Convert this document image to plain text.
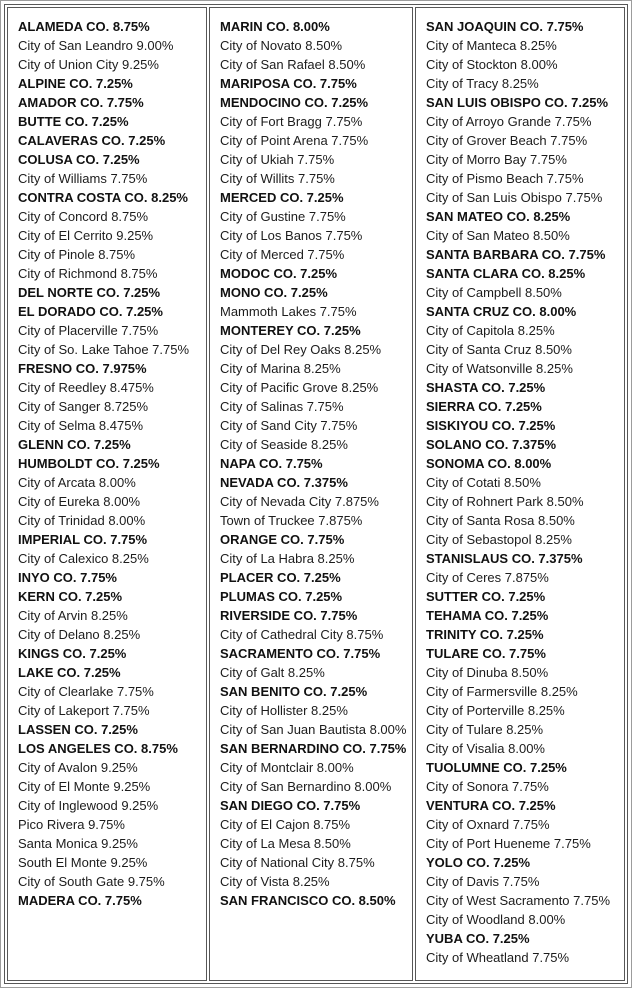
ALAMEDA CO. 8.75%
City of San Leandro 9.00%
City of Union City 9.25%
ALPINE CO. 7.25%
AMADOR CO. 7.75%
BUTTE CO. 7.25%
CALAVERAS CO. 7.25%
COLUSA CO. 7.25%
City of Williams 7.75%
CONTRA COSTA CO. 8.25%
City of Concord 8.75%
City of El Cerrito 9.25%
City of Pinole 8.75%
City of Richmond 8.75%
DEL NORTE CO. 7.25%
EL DORADO CO. 7.25%
City of Placerville 7.75%
City of So. Lake Tahoe 7.75%
FRESNO CO. 7.975%
City of Reedley 8.475%
City of Sanger 8.725%
City of Selma 8.475%
GLENN CO. 7.25%
HUMBOLDT CO. 7.25%
City of Arcata 8.00%
City of Eureka 8.00%
City of Trinidad 8.00%
IMPERIAL CO. 7.75%
City of Calexico 8.25%
INYO CO. 7.75%
KERN CO. 7.25%
City of Arvin 8.25%
City of Delano 8.25%
KINGS CO. 7.25%
LAKE CO. 7.25%
City of Clearlake 7.75%
City of Lakeport 7.75%
LASSEN CO. 7.25%
LOS ANGELES CO. 8.75%
City of Avalon 9.25%
City of El Monte 9.25%
City of Inglewood 9.25%
Pico Rivera 9.75%
Santa Monica 9.25%
South El Monte 9.25%
City of South Gate 9.75%
MADERA CO. 7.75%

MARIN CO. 8.00%
City of Novato 8.50%
City of San Rafael 8.50%
MARIPOSA CO. 7.75%
MENDOCINO CO. 7.25%
City of Fort Bragg 7.75%
City of Point Arena 7.75%
City of Ukiah 7.75%
City of Willits 7.75%
MERCED CO. 7.25%
City of Gustine 7.75%
City of Los Banos 7.75%
City of Merced 7.75%
MODOC CO. 7.25%
MONO CO. 7.25%
Mammoth Lakes 7.75%
MONTEREY CO. 7.25%
City of Del Rey Oaks 8.25%
City of Marina 8.25%
City of Pacific Grove 8.25%
City of Salinas 7.75%
City of Sand City 7.75%
City of Seaside 8.25%
NAPA CO. 7.75%
NEVADA CO. 7.375%
City of Nevada City 7.875%
Town of Truckee 7.875%
ORANGE CO. 7.75%
City of La Habra 8.25%
PLACER CO. 7.25%
PLUMAS CO. 7.25%
RIVERSIDE CO. 7.75%
City of Cathedral City 8.75%
SACRAMENTO CO. 7.75%
City of Galt 8.25%
SAN BENITO CO. 7.25%
City of Hollister 8.25%
City of San Juan Bautista 8.00%
SAN BERNARDINO CO. 7.75%
City of Montclair 8.00%
City of San Bernardino 8.00%
SAN DIEGO CO. 7.75%
City of El Cajon 8.75%
City of La Mesa 8.50%
City of National City 8.75%
City of Vista 8.25%
SAN FRANCISCO CO. 8.50%

SAN JOAQUIN CO. 7.75%
City of Manteca 8.25%
City of Stockton 8.00%
City of Tracy 8.25%
SAN LUIS OBISPO CO. 7.25%
City of Arroyo Grande 7.75%
City of Grover Beach 7.75%
City of Morro Bay 7.75%
City of Pismo Beach 7.75%
City of San Luis Obispo 7.75%
SAN MATEO CO. 8.25%
City of San Mateo 8.50%
SANTA BARBARA CO. 7.75%
SANTA CLARA CO. 8.25%
City of Campbell 8.50%
SANTA CRUZ CO. 8.00%
City of Capitola 8.25%
City of Santa Cruz 8.50%
City of Watsonville 8.25%
SHASTA CO. 7.25%
SIERRA CO. 7.25%
SISKIYOU CO. 7.25%
SOLANO CO. 7.375%
SONOMA CO. 8.00%
City of Cotati 8.50%
City of Rohnert Park 8.50%
City of Santa Rosa 8.50%
City of Sebastopol 8.25%
STANISLAUS CO. 7.375%
City of Ceres 7.875%
SUTTER CO. 7.25%
TEHAMA CO. 7.25%
TRINITY CO. 7.25%
TULARE CO. 7.75%
City of Dinuba 8.50%
City of Farmersville 8.25%
City of Porterville 8.25%
City of Tulare 8.25%
City of Visalia 8.00%
TUOLUMNE CO. 7.25%
City of Sonora 7.75%
VENTURA CO. 7.25%
City of Oxnard 7.75%
City of Port Hueneme 7.75%
YOLO CO. 7.25%
City of Davis 7.75%
City of West Sacramento 7.75%
City of Woodland 8.00%
YUBA CO. 7.25%
City of Wheatland 7.75%
